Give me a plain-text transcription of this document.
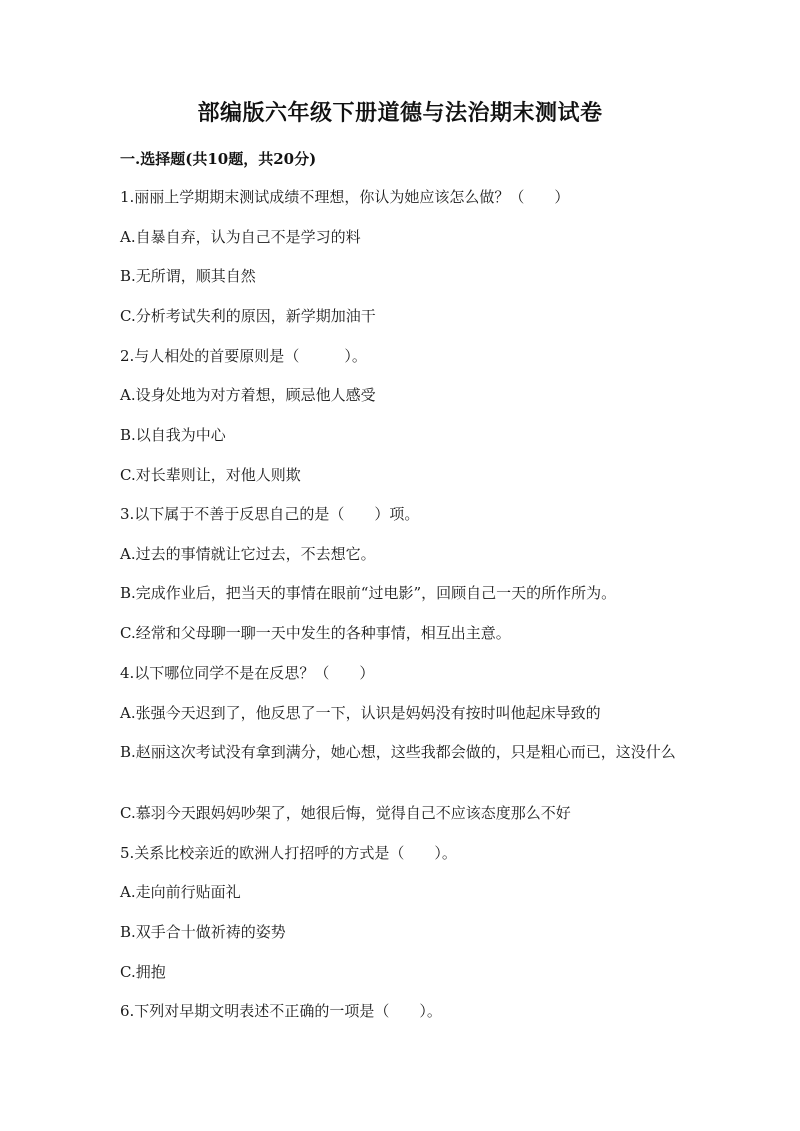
部编版六年级下册道德与法治期末测试卷
一.选择题(共10题，共20分)
1.丽丽上学期期末测试成绩不理想，你认为她应该怎么做？（　　）
A.自暴自弃，认为自己不是学习的料
B.无所谓，顺其自然
C.分析考试失利的原因，新学期加油干
2.与人相处的首要原则是（　　　）。
A.设身处地为对方着想，顾忌他人感受
B.以自我为中心
C.对长辈则让，对他人则欺
3.以下属于不善于反思自己的是（　　）项。
A.过去的事情就让它过去，不去想它。
B.完成作业后，把当天的事情在眼前“过电影”，回顾自己一天的所作所为。
C.经常和父母聊一聊一天中发生的各种事情，相互出主意。
4.以下哪位同学不是在反思？（　　）
A.张强今天迟到了，他反思了一下，认识是妈妈没有按时叫他起床导致的
B.赵丽这次考试没有拿到满分，她心想，这些我都会做的，只是粗心而已，这没什么
C.慕羽今天跟妈妈吵架了，她很后悔，觉得自己不应该态度那么不好
5.关系比校亲近的欧洲人打招呼的方式是（　　）。
A.走向前行贴面礼
B.双手合十做祈祷的姿势
C.拥抱
6.下列对早期文明表述不正确的一项是（　　）。
